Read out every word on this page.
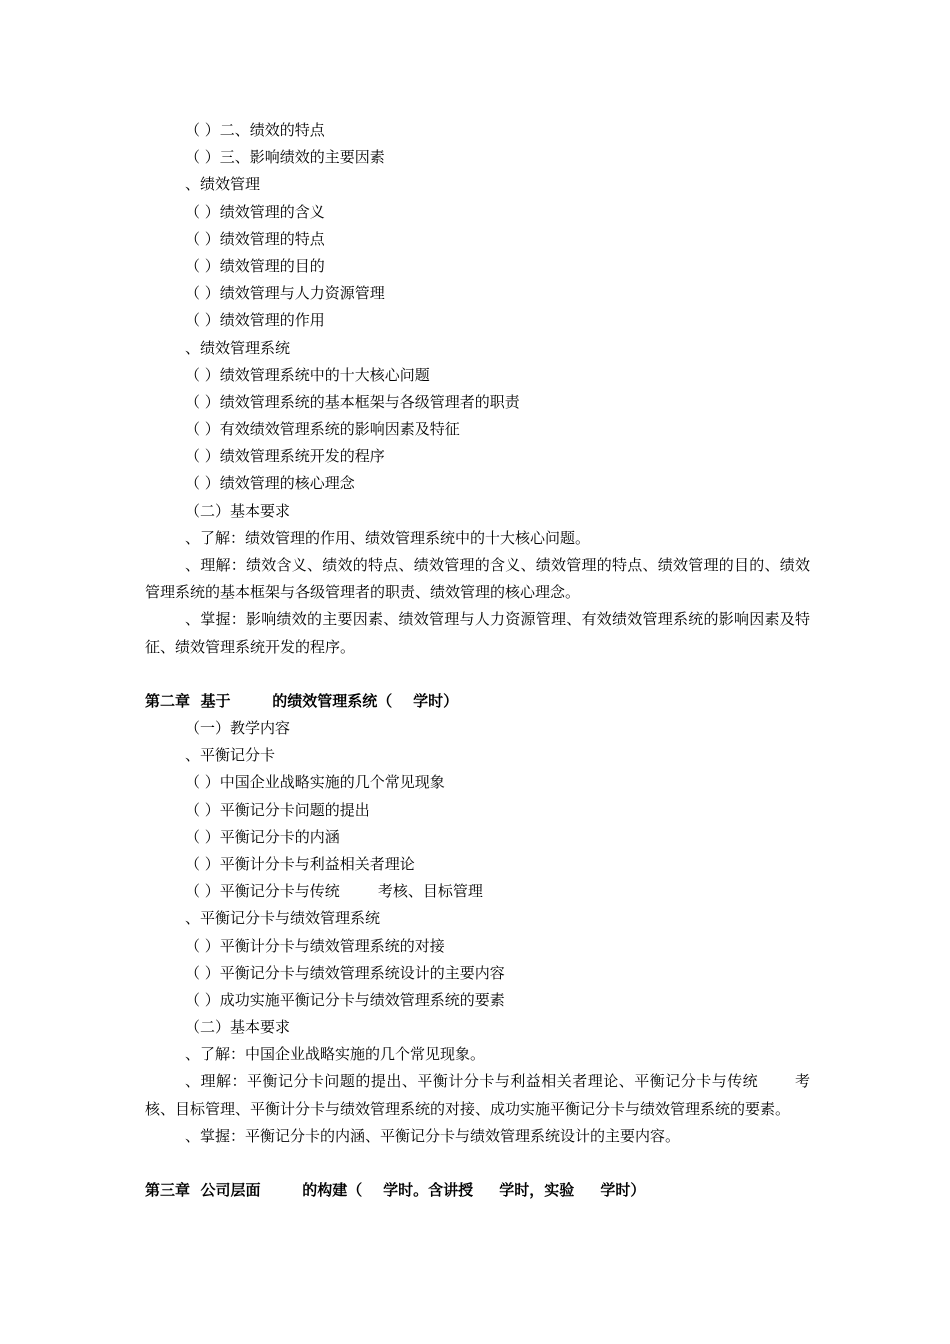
（ ）二、绩效的特点
（ ）三、影响绩效的主要因素
、绩效管理
（ ）绩效管理的含义
（ ）绩效管理的特点
（ ）绩效管理的目的
（ ）绩效管理与人力资源管理
（ ）绩效管理的作用
、绩效管理系统
（ ）绩效管理系统中的十大核心问题
（ ）绩效管理系统的基本框架与各级管理者的职责
（ ）有效绩效管理系统的影响因素及特征
（ ）绩效管理系统开发的程序
（ ）绩效管理的核心理念
（二）基本要求
、了解：绩效管理的作用、绩效管理系统中的十大核心问题。
、理解：绩效含义、绩效的特点、绩效管理的含义、绩效管理的特点、绩效管理的目的、绩效管理系统的基本框架与各级管理者的职责、绩效管理的核心理念。
、掌握：影响绩效的主要因素、绩效管理与人力资源管理、有效绩效管理系统的影响因素及特征、绩效管理系统开发的程序。
第二章  基于        的绩效管理系统（    学时）
（一）教学内容
、平衡记分卡
（ ）中国企业战略实施的几个常见现象
（ ）平衡记分卡问题的提出
（ ）平衡记分卡的内涵
（ ）平衡计分卡与利益相关者理论
（ ）平衡记分卡与传统        考核、目标管理
、平衡记分卡与绩效管理系统
（ ）平衡计分卡与绩效管理系统的对接
（ ）平衡记分卡与绩效管理系统设计的主要内容
（ ）成功实施平衡记分卡与绩效管理系统的要素
（二）基本要求
、了解：中国企业战略实施的几个常见现象。
、理解：平衡记分卡问题的提出、平衡计分卡与利益相关者理论、平衡记分卡与传统       考核、目标管理、平衡计分卡与绩效管理系统的对接、成功实施平衡记分卡与绩效管理系统的要素。
、掌握：平衡记分卡的内涵、平衡记分卡与绩效管理系统设计的主要内容。
第三章  公司层面        的构建（    学时。含讲授     学时，实验     学时）
